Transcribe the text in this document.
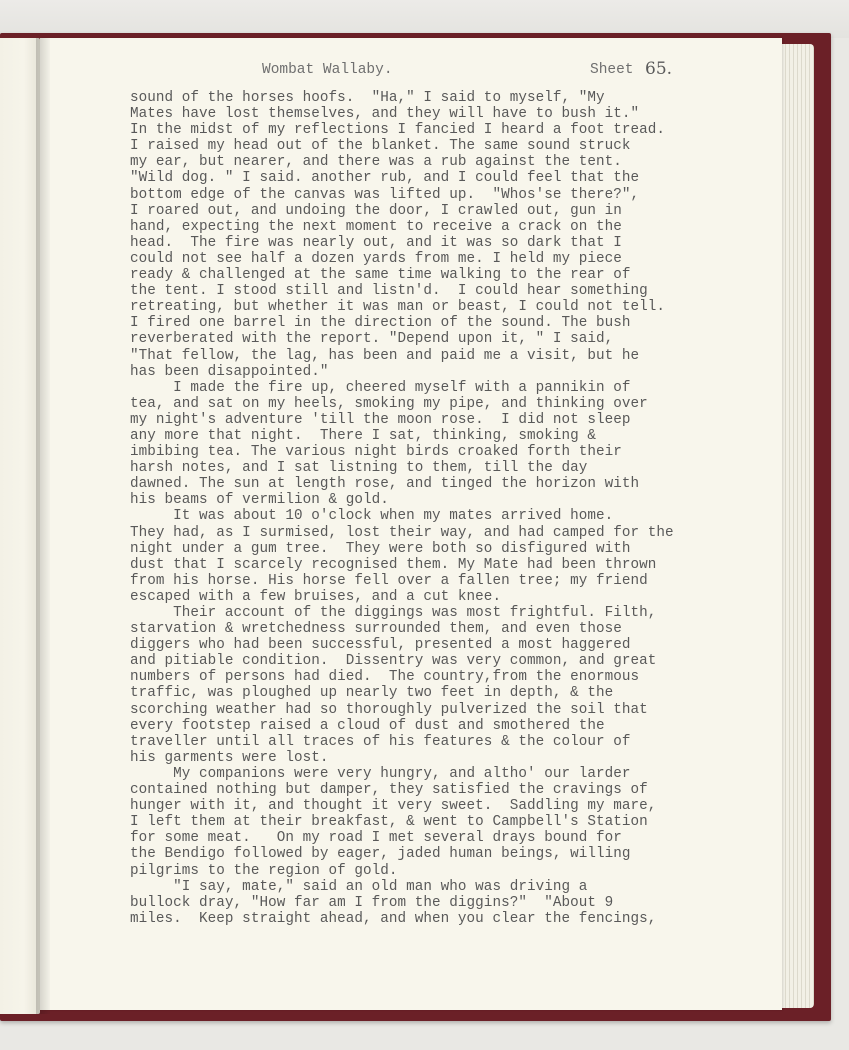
Wombat Wallaby.	Sheet 65.
sound of the horses hoofs.  "Ha," I said to myself, "My
Mates have lost themselves, and they will have to bush it."
In the midst of my reflections I fancied I heard a foot tread.
I raised my head out of the blanket. The same sound struck
my ear, but nearer, and there was a rub against the tent.
"Wild dog. " I said. another rub, and I could feel that the
bottom edge of the canvas was lifted up.  "Whos'se there?",
I roared out, and undoing the door, I crawled out, gun in
hand, expecting the next moment to receive a crack on the
head.  The fire was nearly out, and it was so dark that I
could not see half a dozen yards from me. I held my piece
ready & challenged at the same time walking to the rear of
the tent. I stood still and listn'd.  I could hear something
retreating, but whether it was man or beast, I could not tell.
I fired one barrel in the direction of the sound. The bush
reverberated with the report. "Depend upon it, " I said,
"That fellow, the lag, has been and paid me a visit, but he
has been disappointed."
I made the fire up, cheered myself with a pannikin of
tea, and sat on my heels, smoking my pipe, and thinking over
my night's adventure 'till the moon rose.  I did not sleep
any more that night.  There I sat, thinking, smoking &
imbibing tea. The various night birds croaked forth their
harsh notes, and I sat listning to them, till the day
dawned. The sun at length rose, and tinged the horizon with
his beams of vermilion & gold.
It was about 10 o'clock when my mates arrived home.
They had, as I surmised, lost their way, and had camped for the
night under a gum tree.  They were both so disfigured with
dust that I scarcely recognised them. My Mate had been thrown
from his horse. His horse fell over a fallen tree; my friend
escaped with a few bruises, and a cut knee.
Their account of the diggings was most frightful. Filth,
starvation & wretchedness surrounded them, and even those
diggers who had been successful, presented a most haggered
and pitiable condition.  Dissentry was very common, and great
numbers of persons had died.  The country,from the enormous
traffic, was ploughed up nearly two feet in depth, & the
scorching weather had so thoroughly pulverized the soil that
every footstep raised a cloud of dust and smothered the
traveller until all traces of his features & the colour of
his garments were lost.
My companions were very hungry, and altho' our larder
contained nothing but damper, they satisfied the cravings of
hunger with it, and thought it very sweet.  Saddling my mare,
I left them at their breakfast, & went to Campbell's Station
for some meat.   On my road I met several drays bound for
the Bendigo followed by eager, jaded human beings, willing
pilgrims to the region of gold.
"I say, mate," said an old man who was driving a
bullock dray, "How far am I from the diggins?"  "About 9
miles.  Keep straight ahead, and when you clear the fencings,
